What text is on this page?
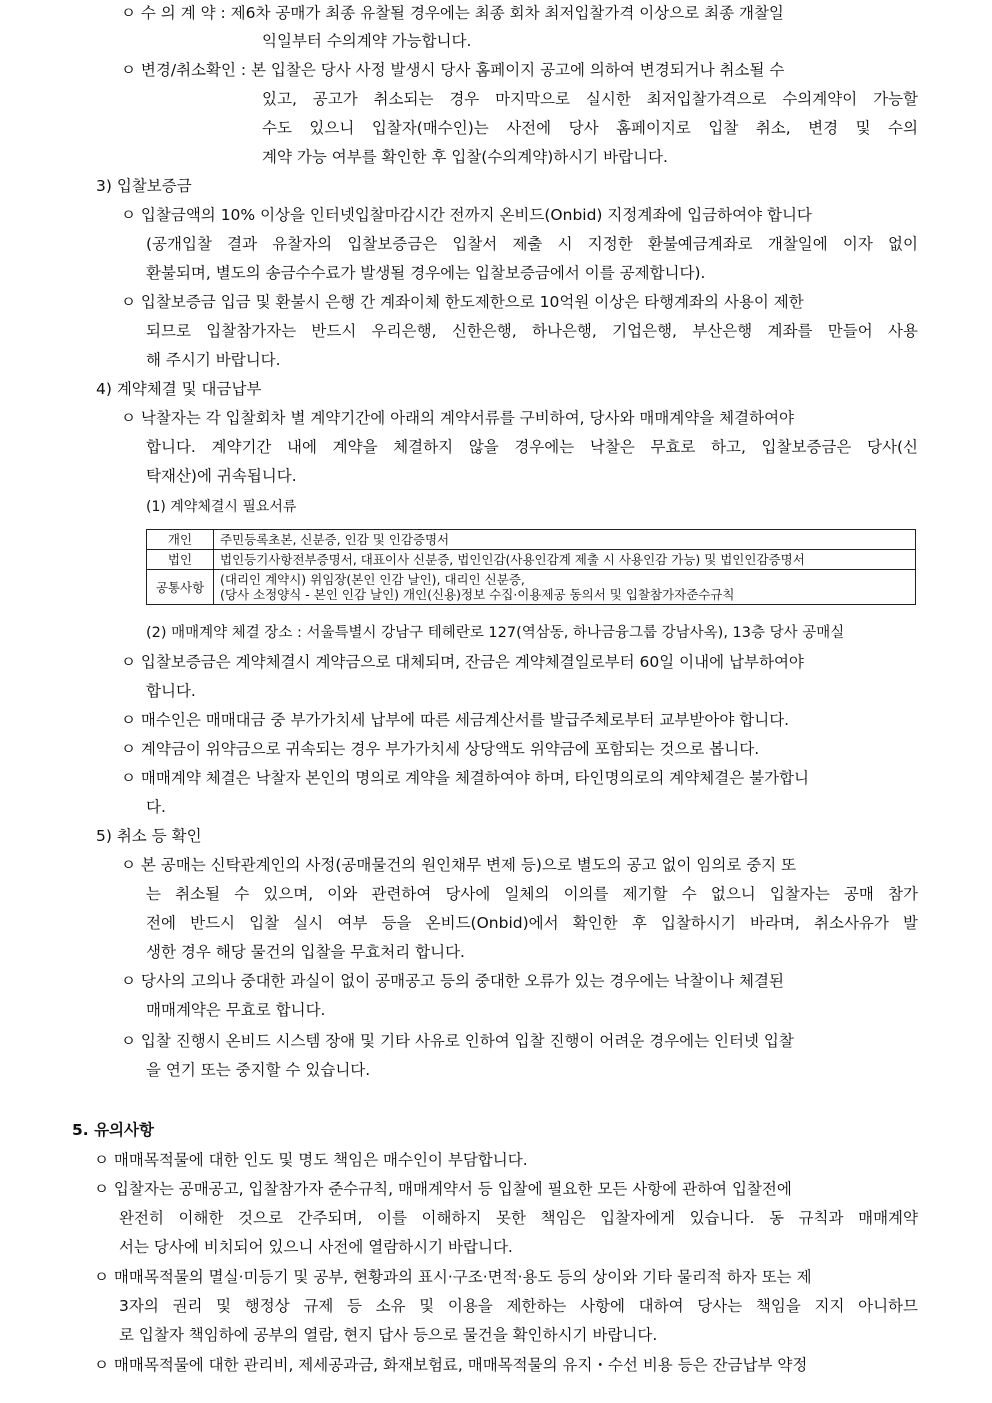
ㅇ 수 의 계 약 : 제6차 공매가 최종 유찰될 경우에는 최종 회차 최저입찰가격 이상으로 최종 개찰일
익일부터 수의계약 가능합니다.
ㅇ 변경/취소확인 : 본 입찰은 당사 사정 발생시 당사 홈페이지 공고에 의하여 변경되거나 취소될 수
있고, 공고가 취소되는 경우 마지막으로 실시한 최저입찰가격으로 수의계약이 가능할
수도 있으니 입찰자(매수인)는 사전에 당사 홈페이지로 입찰 취소, 변경 및 수의
계약 가능 여부를 확인한 후 입찰(수의계약)하시기 바랍니다.
3) 입찰보증금
ㅇ 입찰금액의 10% 이상을 인터넷입찰마감시간 전까지 온비드(Onbid) 지정계좌에 입금하여야 합니다
(공개입찰 결과 유찰자의 입찰보증금은 입찰서 제출 시 지정한 환불예금계좌로 개찰일에 이자 없이
환불되며, 별도의 송금수수료가 발생될 경우에는 입찰보증금에서 이를 공제합니다).
ㅇ 입찰보증금 입금 및 환불시 은행 간 계좌이체 한도제한으로 10억원 이상은 타행계좌의 사용이 제한
되므로 입찰참가자는 반드시 우리은행, 신한은행, 하나은행, 기업은행, 부산은행 계좌를 만들어 사용
해 주시기 바랍니다.
4) 계약체결 및 대금납부
ㅇ 낙찰자는 각 입찰회차 별 계약기간에 아래의 계약서류를 구비하여, 당사와 매매계약을 체결하여야
합니다. 계약기간 내에 계약을 체결하지 않을 경우에는 낙찰은 무효로 하고, 입찰보증금은 당사(신
탁재산)에 귀속됩니다.
(1) 계약체결시 필요서류
개인	주민등록초본, 신분증, 인감 및 인감증명서
법인	법인등기사항전부증명서, 대표이사 신분증, 법인인감(사용인감계 제출 시 사용인감 가능) 및 법인인감증명서
공통사항	(대리인 계약시) 위임장(본인 인감 날인), 대리인 신분증,
(당사 소정양식 - 본인 인감 날인) 개인(신용)정보 수집·이용제공 동의서 및 입찰참가자준수규칙
(2) 매매계약 체결 장소 : 서울특별시 강남구 테헤란로 127(역삼동, 하나금융그룹 강남사옥), 13층 당사 공매실
ㅇ 입찰보증금은 계약체결시 계약금으로 대체되며, 잔금은 계약체결일로부터 60일 이내에 납부하여야
합니다.
ㅇ 매수인은 매매대금 중 부가가치세 납부에 따른 세금계산서를 발급주체로부터 교부받아야 합니다.
ㅇ 계약금이 위약금으로 귀속되는 경우 부가가치세 상당액도 위약금에 포함되는 것으로 봅니다.
ㅇ 매매계약 체결은 낙찰자 본인의 명의로 계약을 체결하여야 하며, 타인명의로의 계약체결은 불가합니
다.
5) 취소 등 확인
ㅇ 본 공매는 신탁관계인의 사정(공매물건의 원인채무 변제 등)으로 별도의 공고 없이 임의로 중지 또
는 취소될 수 있으며, 이와 관련하여 당사에 일체의 이의를 제기할 수 없으니 입찰자는 공매 참가
전에 반드시 입찰 실시 여부 등을 온비드(Onbid)에서 확인한 후 입찰하시기 바라며, 취소사유가 발
생한 경우 해당 물건의 입찰을 무효처리 합니다.
ㅇ 당사의 고의나 중대한 과실이 없이 공매공고 등의 중대한 오류가 있는 경우에는 낙찰이나 체결된
매매계약은 무효로 합니다.
ㅇ 입찰 진행시 온비드 시스템 장애 및 기타 사유로 인하여 입찰 진행이 어려운 경우에는 인터넷 입찰
을 연기 또는 중지할 수 있습니다.
5. 유의사항
ㅇ 매매목적물에 대한 인도 및 명도 책임은 매수인이 부담합니다.
ㅇ 입찰자는 공매공고, 입찰참가자 준수규칙, 매매계약서 등 입찰에 필요한 모든 사항에 관하여 입찰전에
완전히 이해한 것으로 간주되며, 이를 이해하지 못한 책임은 입찰자에게 있습니다. 동 규칙과 매매계약
서는 당사에 비치되어 있으니 사전에 열람하시기 바랍니다.
ㅇ 매매목적물의 멸실·미등기 및 공부, 현황과의 표시·구조·면적·용도 등의 상이와 기타 물리적 하자 또는 제
3자의 권리 및 행정상 규제 등 소유 및 이용을 제한하는 사항에 대하여 당사는 책임을 지지 아니하므
로 입찰자 책임하에 공부의 열람, 현지 답사 등으로 물건을 확인하시기 바랍니다.
ㅇ 매매목적물에 대한 관리비, 제세공과금, 화재보험료, 매매목적물의 유지・수선 비용 등은 잔금납부 약정
